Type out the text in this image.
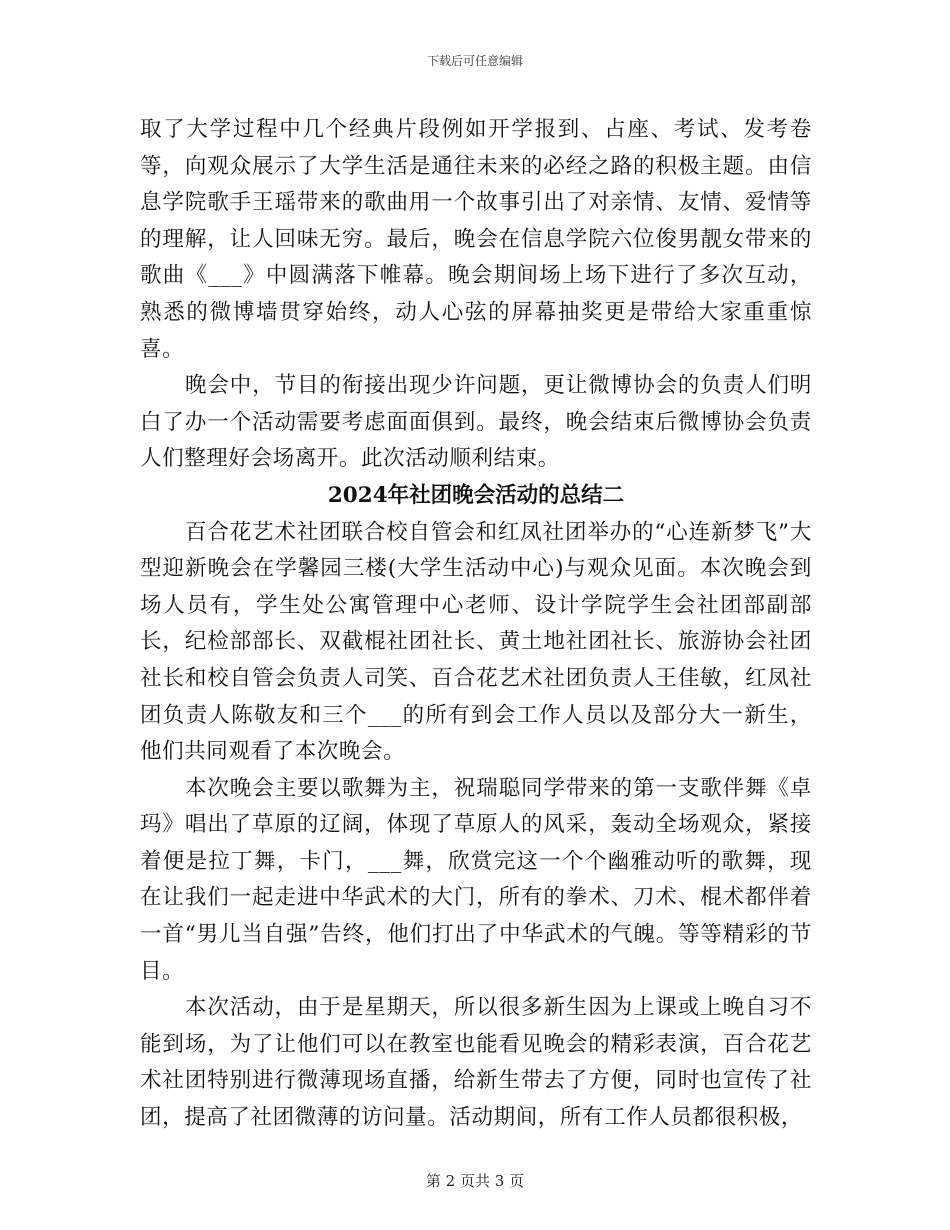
下载后可任意编辑

取了大学过程中几个经典片段例如开学报到、占座、考试、发考卷等，向观众展示了大学生活是通往未来的必经之路的积极主题。由信息学院歌手王瑶带来的歌曲用一个故事引出了对亲情、友情、爱情等的理解，让人回味无穷。最后，晚会在信息学院六位俊男靓女带来的歌曲《___》中圆满落下帷幕。晚会期间场上场下进行了多次互动，熟悉的微博墙贯穿始终，动人心弦的屏幕抽奖更是带给大家重重惊喜。

晚会中，节目的衔接出现少许问题，更让微博协会的负责人们明白了办一个活动需要考虑面面俱到。最终，晚会结束后微博协会负责人们整理好会场离开。此次活动顺利结束。

2024年社团晚会活动的总结二

百合花艺术社团联合校自管会和红凤社团举办的“心连新梦飞”大型迎新晚会在学馨园三楼(大学生活动中心)与观众见面。本次晚会到场人员有，学生处公寓管理中心老师、设计学院学生会社团部副部长，纪检部部长、双截棍社团社长、黄土地社团社长、旅游协会社团社长和校自管会负责人司笑、百合花艺术社团负责人王佳敏，红凤社团负责人陈敬友和三个___的所有到会工作人员以及部分大一新生，他们共同观看了本次晚会。

本次晚会主要以歌舞为主，祝瑞聪同学带来的第一支歌伴舞《卓玛》唱出了草原的辽阔，体现了草原人的风采，轰动全场观众，紧接着便是拉丁舞，卡门，___舞，欣赏完这一个个幽雅动听的歌舞，现在让我们一起走进中华武术的大门，所有的拳术、刀术、棍术都伴着一首“男儿当自强”告终，他们打出了中华武术的气魄。等等精彩的节目。

本次活动，由于是星期天，所以很多新生因为上课或上晚自习不能到场，为了让他们可以在教室也能看见晚会的精彩表演，百合花艺术社团特别进行微薄现场直播，给新生带去了方便，同时也宣传了社团，提高了社团微薄的访问量。活动期间，所有工作人员都很积极，

第 2 页共 3 页
